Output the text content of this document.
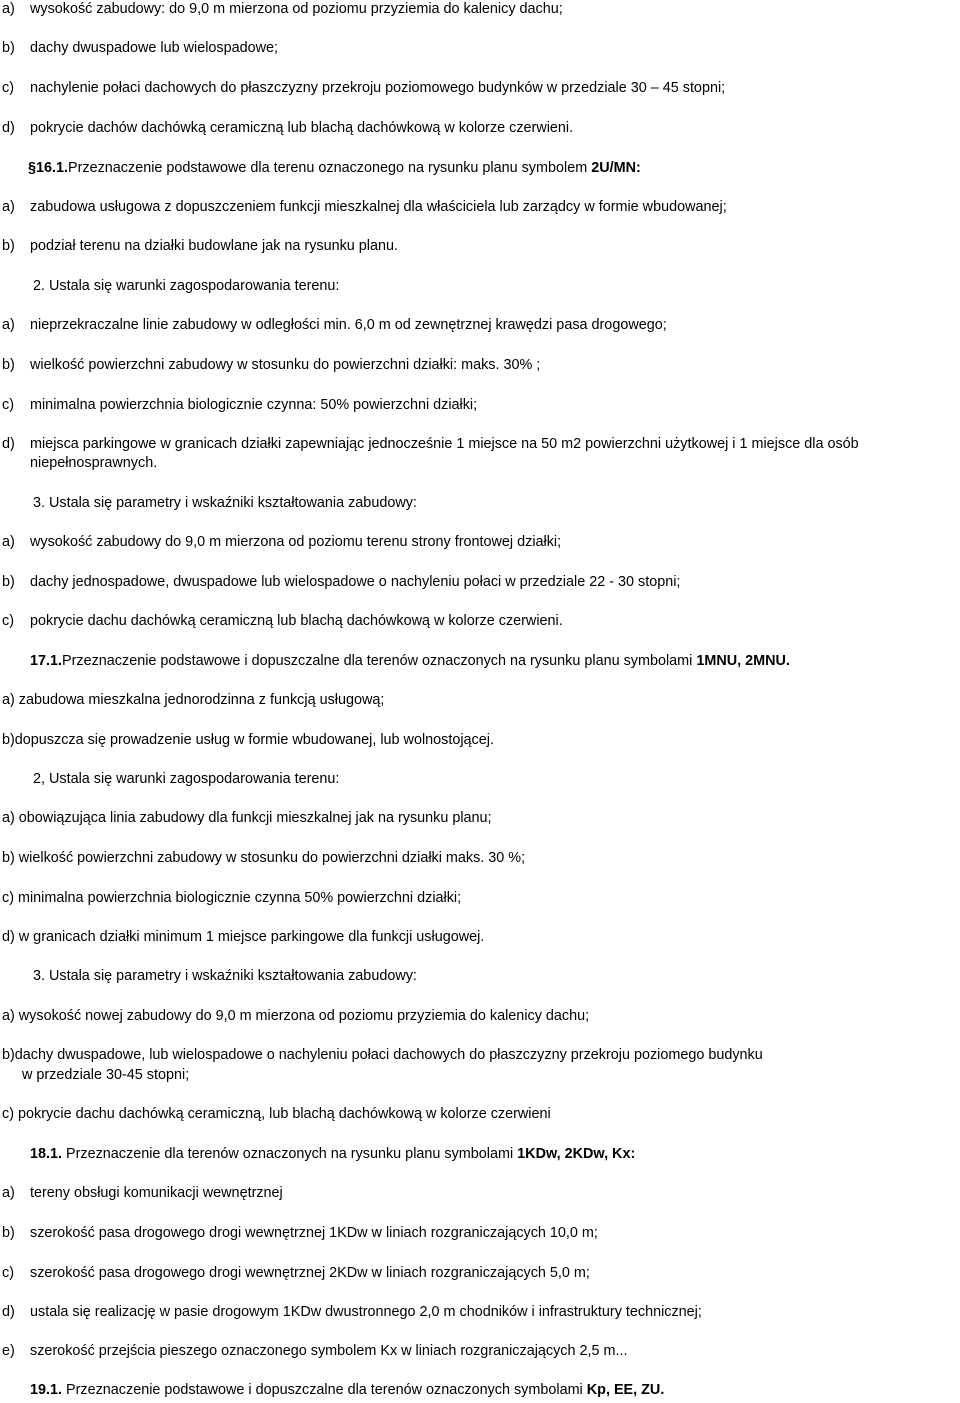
a) wysokość zabudowy: do 9,0 m mierzona od poziomu przyziemia do kalenicy dachu;
b) dachy dwuspadowe lub wielospadowe;
c) nachylenie połaci dachowych do płaszczyzny przekroju poziomowego budynków w przedziale 30 – 45 stopni;
d) pokrycie dachów dachówką ceramiczną lub blachą dachówkową w kolorze czerwieni.
§16.1.Przeznaczenie podstawowe dla terenu oznaczonego na rysunku planu symbolem 2U/MN:
a) zabudowa usługowa z dopuszczeniem funkcji mieszkalnej dla właściciela lub zarządcy w formie wbudowanej;
b) podział terenu na działki budowlane jak na rysunku planu.
2. Ustala się warunki zagospodarowania terenu:
a) nieprzekraczalne linie zabudowy w odległości min. 6,0 m od zewnętrznej krawędzi pasa drogowego;
b) wielkość powierzchni zabudowy w stosunku do powierzchni działki: maks. 30% ;
c) minimalna powierzchnia biologicznie czynna: 50% powierzchni działki;
d) miejsca parkingowe w granicach działki zapewniając jednocześnie 1 miejsce na 50 m2 powierzchni użytkowej i 1 miejsce dla osób niepełnosprawnych.
3. Ustala się parametry i wskaźniki kształtowania zabudowy:
a) wysokość zabudowy do 9,0 m mierzona od poziomu terenu strony frontowej działki;
b) dachy jednospadowe, dwuspadowe lub wielospadowe o nachyleniu połaci w przedziale 22 - 30 stopni;
c) pokrycie dachu dachówką ceramiczną lub blachą dachówkową w kolorze czerwieni.
17.1.Przeznaczenie podstawowe i dopuszczalne dla terenów oznaczonych na rysunku planu symbolami 1MNU, 2MNU.
a) zabudowa mieszkalna jednorodzinna z funkcją usługową;
b)dopuszcza się prowadzenie usług w formie wbudowanej, lub wolnostojącej.
2, Ustala się warunki zagospodarowania terenu:
a) obowiązująca linia zabudowy dla funkcji mieszkalnej jak na rysunku planu;
b) wielkość powierzchni zabudowy w stosunku do powierzchni działki maks. 30 %;
c) minimalna powierzchnia biologicznie czynna 50% powierzchni działki;
d) w granicach działki minimum 1 miejsce parkingowe dla funkcji usługowej.
3. Ustala się parametry i wskaźniki kształtowania zabudowy:
a) wysokość nowej zabudowy do 9,0 m mierzona od poziomu przyziemia do kalenicy dachu;
b)dachy dwuspadowe, lub wielospadowe o nachyleniu połaci dachowych do płaszczyzny przekroju poziomego budynku
w przedziale 30-45 stopni;
c) pokrycie dachu dachówką ceramiczną, lub blachą dachówkową w kolorze czerwieni
18.1. Przeznaczenie dla terenów oznaczonych na rysunku planu symbolami 1KDw, 2KDw, Kx:
a) tereny obsługi komunikacji wewnętrznej
b) szerokość pasa drogowego drogi wewnętrznej 1KDw w liniach rozgraniczających 10,0 m;
c) szerokość pasa drogowego drogi wewnętrznej 2KDw w liniach rozgraniczających 5,0 m;
d) ustala się realizację w pasie drogowym 1KDw dwustronnego 2,0 m chodników i infrastruktury technicznej;
e) szerokość przejścia pieszego oznaczonego symbolem Kx w liniach rozgraniczających 2,5 m...
19.1. Przeznaczenie podstawowe i dopuszczalne dla terenów oznaczonych symbolami Kp, EE, ZU.
